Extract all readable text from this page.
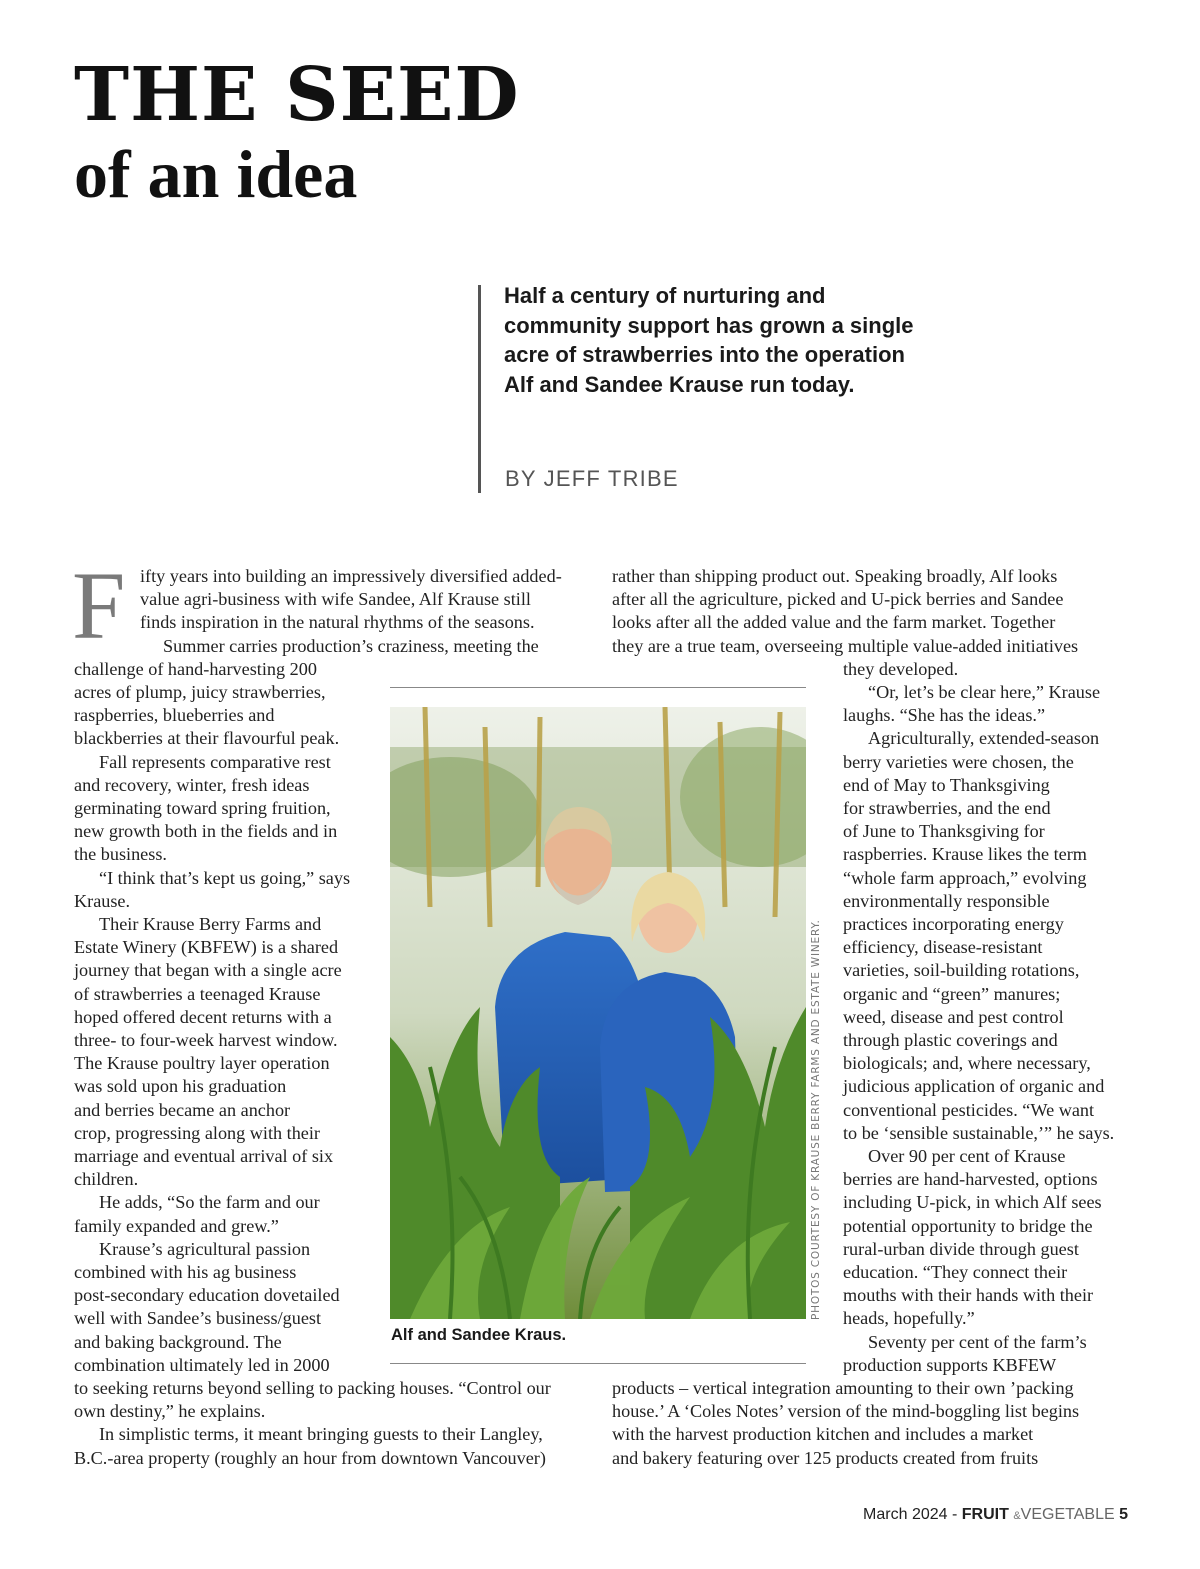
THE SEED
of an idea

Half a century of nurturing and community support has grown a single acre of strawberries into the operation Alf and Sandee Krause run today.

BY JEFF TRIBE

F ifty years into building an impressively diversified added-

value agri-business with wife Sandee, Alf Krause still

finds inspiration in the natural rhythms of the seasons.

Summer carries production’s craziness, meeting the

challenge of hand-harvesting 200

acres of plump, juicy strawberries,

raspberries, blueberries and

blackberries at their flavourful peak.

Fall represents comparative rest

and recovery, winter, fresh ideas

germinating toward spring fruition,

new growth both in the fields and in

the business.

“I think that’s kept us going,” says

Krause.

Their Krause Berry Farms and

Estate Winery (KBFEW) is a shared

journey that began with a single acre

of strawberries a teenaged Krause

hoped offered decent returns with a

three- to four-week harvest window.

The Krause poultry layer operation

was sold upon his graduation

and berries became an anchor

crop, progressing along with their

marriage and eventual arrival of six

children.

He adds, “So the farm and our

family expanded and grew.”

Krause’s agricultural passion

combined with his ag business

post-secondary education dovetailed

well with Sandee’s business/guest

and baking background. The

combination ultimately led in 2000

to seeking returns beyond selling to packing houses. “Control our

own destiny,” he explains.

In simplistic terms, it meant bringing guests to their Langley,

B.C.-area property (roughly an hour from downtown Vancouver)

rather than shipping product out. Speaking broadly, Alf looks

after all the agriculture, picked and U-pick berries and Sandee

looks after all the added value and the farm market. Together

they are a true team, overseeing multiple value-added initiatives

they developed.

“Or, let’s be clear here,” Krause

laughs. “She has the ideas.”

Agriculturally, extended-season

berry varieties were chosen, the

end of May to Thanksgiving

for strawberries, and the end

of June to Thanksgiving for

raspberries. Krause likes the term

“whole farm approach,” evolving

environmentally responsible

practices incorporating energy

efficiency, disease-resistant

varieties, soil-building rotations,

organic and “green” manures;

weed, disease and pest control

through plastic coverings and

biologicals; and, where necessary,

judicious application of organic and

conventional pesticides. “We want

to be ‘sensible sustainable,’” he says.

Over 90 per cent of Krause

berries are hand-harvested, options

including U-pick, in which Alf sees

potential opportunity to bridge the

rural-urban divide through guest

education. “They connect their

mouths with their hands with their

heads, hopefully.”

Seventy per cent of the farm’s

production supports KBFEW

products – vertical integration amounting to their own ’packing

house.’ A ‘Coles Notes’ version of the mind-boggling list begins

with the harvest production kitchen and includes a market

and bakery featuring over 125 products created from fruits

Alf and Sandee Kraus.

PHOTOS COURTESY OF KRAUSE BERRY FARMS AND ESTATE WINERY.

March 2024 - FRUIT &VEGETABLE 5
